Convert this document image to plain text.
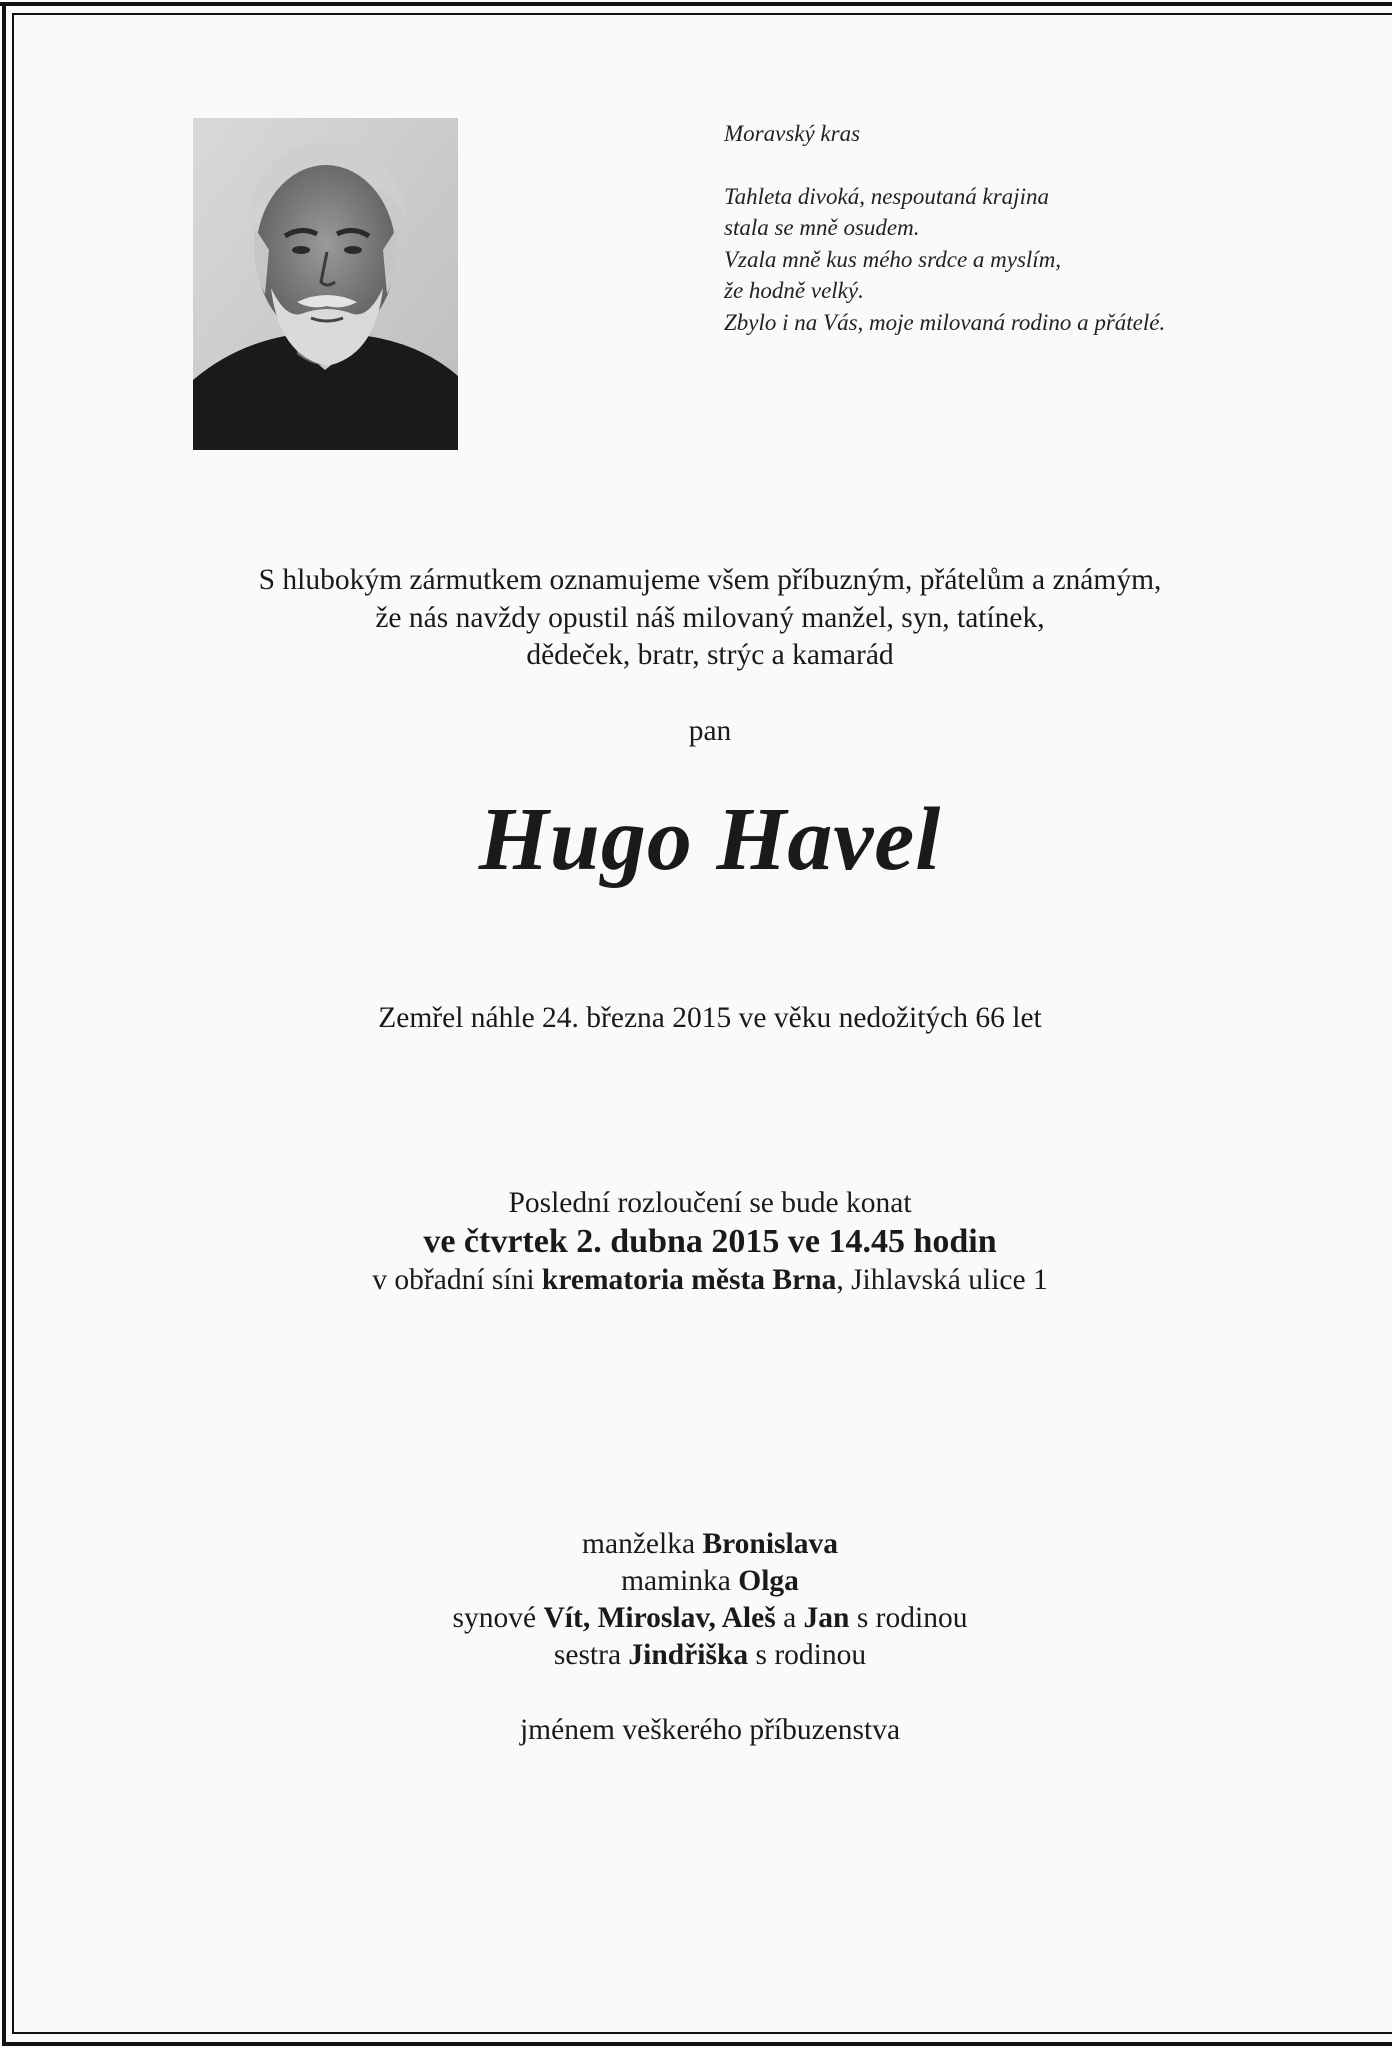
Moravský kras
Tahleta divoká, nespoutaná krajina
stala se mně osudem.
Vzala mně kus mého srdce a myslím,
že hodně velký.
Zbylo i na Vás, moje milovaná rodino a přátelé.
S hlubokým zármutkem oznamujeme všem příbuzným, přátelům a známým,
že nás navždy opustil náš milovaný manžel, syn, tatínek,
dědeček, bratr, strýc a kamarád
pan
Hugo Havel
Zemřel náhle 24. března 2015 ve věku nedožitých 66 let
Poslední rozloučení se bude konat
ve čtvrtek 2. dubna 2015 ve 14.45 hodin
v obřadní síni krematoria města Brna, Jihlavská ulice 1
manželka Bronislava
maminka Olga
synové Vít, Miroslav, Aleš a Jan s rodinou
sestra Jindřiška s rodinou
jménem veškerého příbuzenstva
